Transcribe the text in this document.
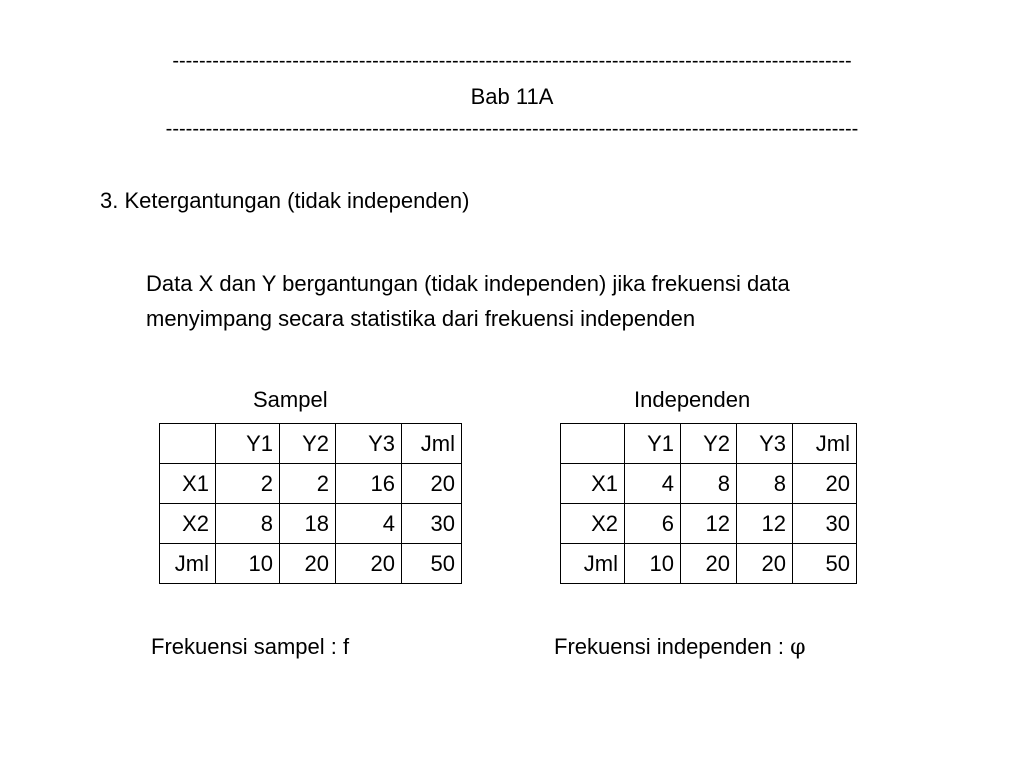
------------------------------------------------------------------------------------------------------
Bab 11A
--------------------------------------------------------------------------------------------------------
3. Ketergantungan (tidak independen)
Data X dan Y bergantungan (tidak independen) jika frekuensi data
menyimpang secara statistika dari frekuensi independen
Sampel	Independen
	Y1	Y2	Y3	Jml
X1	2	2	16	20
X2	8	18	4	30
Jml	10	20	20	50
	Y1	Y2	Y3	Jml
X1	4	8	8	20
X2	6	12	12	30
Jml	10	20	20	50
Frekuensi sampel : f	Frekuensi independen : φ
